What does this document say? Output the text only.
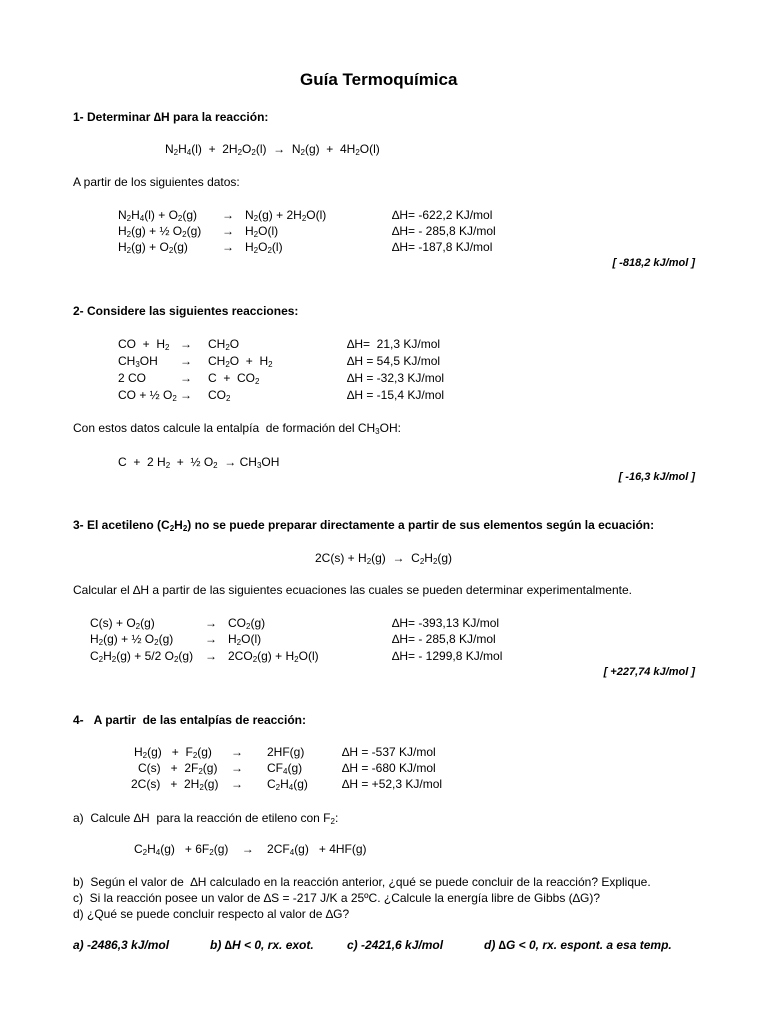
Guía Termoquímica
1- Determinar ∆H para la reacción:
$N_2H_4(l) + 2H_2O_2(l) \to N_2(g) + 4H_2O(l)$
A partir de los siguientes datos:
$N_2H_4(l) + O_2(g) \to N_2(g) + 2H_2O(l)$	∆H= -622,2 KJ/mol
$H_2(g)$ + ½ $O_2(g) \to H_2O(l)$	∆H= - 285,8 KJ/mol
$H_2(g) + O_2(g)$	→ $H_2O_2(l)$	∆H= -187,8 KJ/mol
[ -818,2 kJ/mol ]
2- Considere las siguientes reacciones:
CO  +  $H_2 \to CH_2O$	∆H=  21,3 KJ/mol
$CH_3OH \to CH_2O + H_2$	∆H = 54,5 KJ/mol
2 CO	→ $C + CO_2$	∆H = -32,3 KJ/mol
CO + ½ $O_2 \to CO_2$	∆H = -15,4 KJ/mol
Con estos datos calcule la entalpía  de formación del $CH_3OH$:
C  +  2 $H_2$  +  ½ $O_2 \to CH_3OH$
[ -16,3 kJ/mol ]
3- El acetileno $(C_2H_2)$ no se puede preparar directamente a partir de sus elementos según la ecuación:
$2C(s) + H_2(g) \to C_2H_2(g)$
Calcular el ∆H a partir de las siguientes ecuaciones las cuales se pueden determinar experimentalmente.
$C(s) + O_2(g)$	→ $CO_2(g)$	∆H= -393,13 KJ/mol
$H_2(g)$ + ½ $O_2(g)$	→ $H_2O(l)$	∆H= - 285,8 KJ/mol
$C_2H_2(g) + 5/2$ $O_2(g) \to 2CO_2(g) + H_2O(l)$	∆H= - 1299,8 KJ/mol
[ +227,74 kJ/mol ]
4-   A partir  de las entalpías de reacción:
$H_2(g) + F_2(g) \to 2HF(g)$	∆H = -537 KJ/mol
$C(s) + 2F_2(g) \to CF_4(g)$	∆H = -680 KJ/mol
$2C(s) + 2H_2(g) \to C_2H_4(g)$	∆H = +52,3 KJ/mol
a)  Calcule ∆H  para la reacción de etileno con $F_2$:
$C_2H_4(g) + 6F_2(g)$    →    $2CF_4(g) + 4HF(g)$
b)  Según el valor de  ∆H calculado en la reacción anterior, ¿qué se puede concluir de la reacción? Explique.
c)  Si la reacción posee un valor de ∆S = -217 J/K a 25ºC. ¿Calcule la energía libre de Gibbs (∆G)?
d) ¿Qué se puede concluir respecto al valor de ∆G?
a) -2486,3 kJ/mol	b) ∆H < 0, rx. exot.	c) -2421,6 kJ/mol	d) ∆G < 0, rx. espont. a esa temp.
